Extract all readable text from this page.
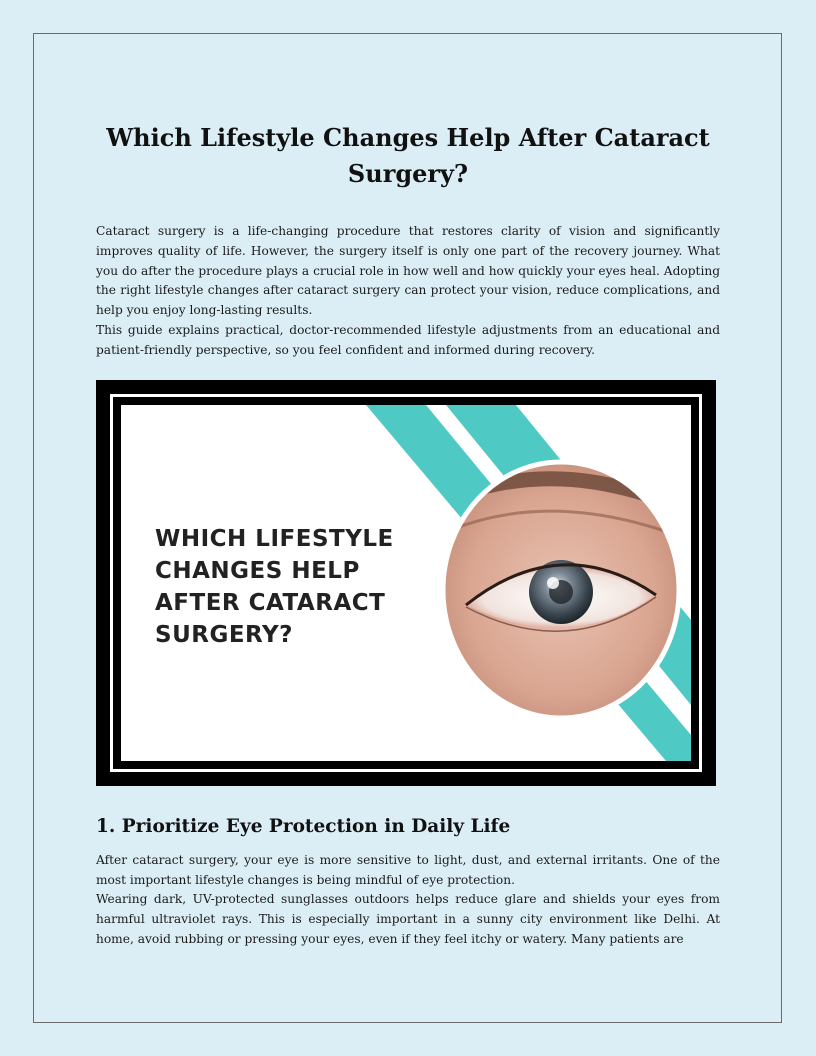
Which Lifestyle Changes Help After Cataract Surgery?

Cataract surgery is a life-changing procedure that restores clarity of vision and significantly improves quality of life. However, the surgery itself is only one part of the recovery journey. What you do after the procedure plays a crucial role in how well and how quickly your eyes heal. Adopting the right lifestyle changes after cataract surgery can protect your vision, reduce complications, and help you enjoy long-lasting results.

This guide explains practical, doctor-recommended lifestyle adjustments from an educational and patient-friendly perspective, so you feel confident and informed during recovery.

WHICH LIFESTYLE CHANGES HELP AFTER CATARACT SURGERY?
1. Prioritize Eye Protection in Daily Life

After cataract surgery, your eye is more sensitive to light, dust, and external irritants. One of the most important lifestyle changes is being mindful of eye protection.

Wearing dark, UV-protected sunglasses outdoors helps reduce glare and shields your eyes from harmful ultraviolet rays. This is especially important in a sunny city environment like Delhi. At home, avoid rubbing or pressing your eyes, even if they feel itchy or watery. Many patients are
